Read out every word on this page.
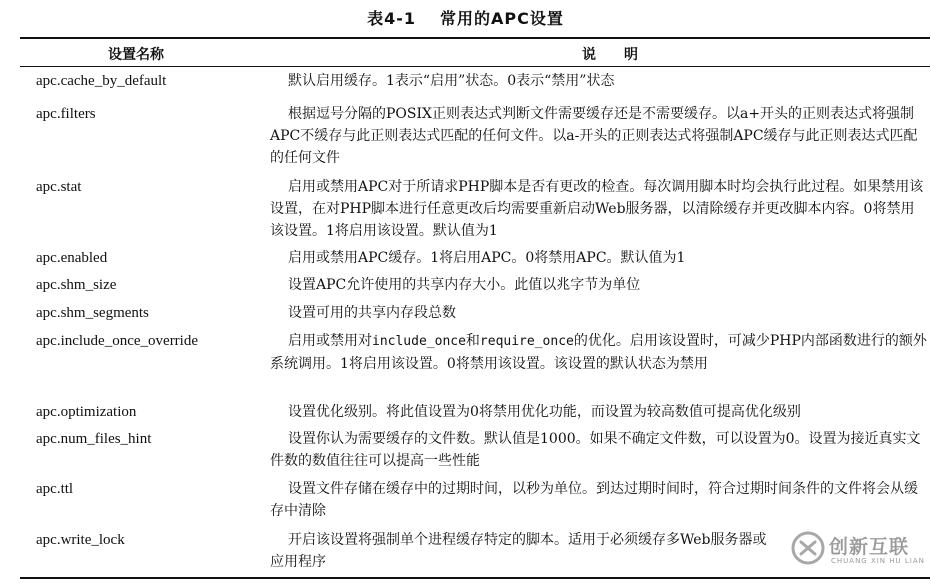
表4-1 常用的APC设置
设置名称	说明
apc.cache_by_default	默认启用缓存。1表示“启用”状态。0表示“禁用”状态
apc.filters	根据逗号分隔的POSIX正则表达式判断文件需要缓存还是不需要缓存。以a+开头的正则表达式将强制APC不缓存与此正则表达式匹配的任何文件。以a-开头的正则表达式将强制APC缓存与此正则表达式匹配的任何文件
apc.stat	启用或禁用APC对于所请求PHP脚本是否有更改的检查。每次调用脚本时均会执行此过程。如果禁用该设置，在对PHP脚本进行任意更改后均需要重新启动Web服务器，以清除缓存并更改脚本内容。0将禁用该设置。1将启用该设置。默认值为1
apc.enabled	启用或禁用APC缓存。1将启用APC。0将禁用APC。默认值为1
apc.shm_size	设置APC允许使用的共享内存大小。此值以兆字节为单位
apc.shm_segments	设置可用的共享内存段总数
apc.include_once_override	启用或禁用对include_once和require_once的优化。启用该设置时，可减少PHP内部函数进行的额外系统调用。1将启用该设置。0将禁用该设置。该设置的默认状态为禁用
apc.optimization	设置优化级别。将此值设置为0将禁用优化功能，而设置为较高数值可提高优化级别
apc.num_files_hint	设置你认为需要缓存的文件数。默认值是1000。如果不确定文件数，可以设置为0。设置为接近真实文件数的数值往往可以提高一些性能
apc.ttl	设置文件存储在缓存中的过期时间，以秒为单位。到达过期时间时，符合过期时间条件的文件将会从缓存中清除
apc.write_lock	开启该设置将强制单个进程缓存特定的脚本。适用于必须缓存多Web服务器或应用程序
创新互联
CHUANG XIN HU LIAN
